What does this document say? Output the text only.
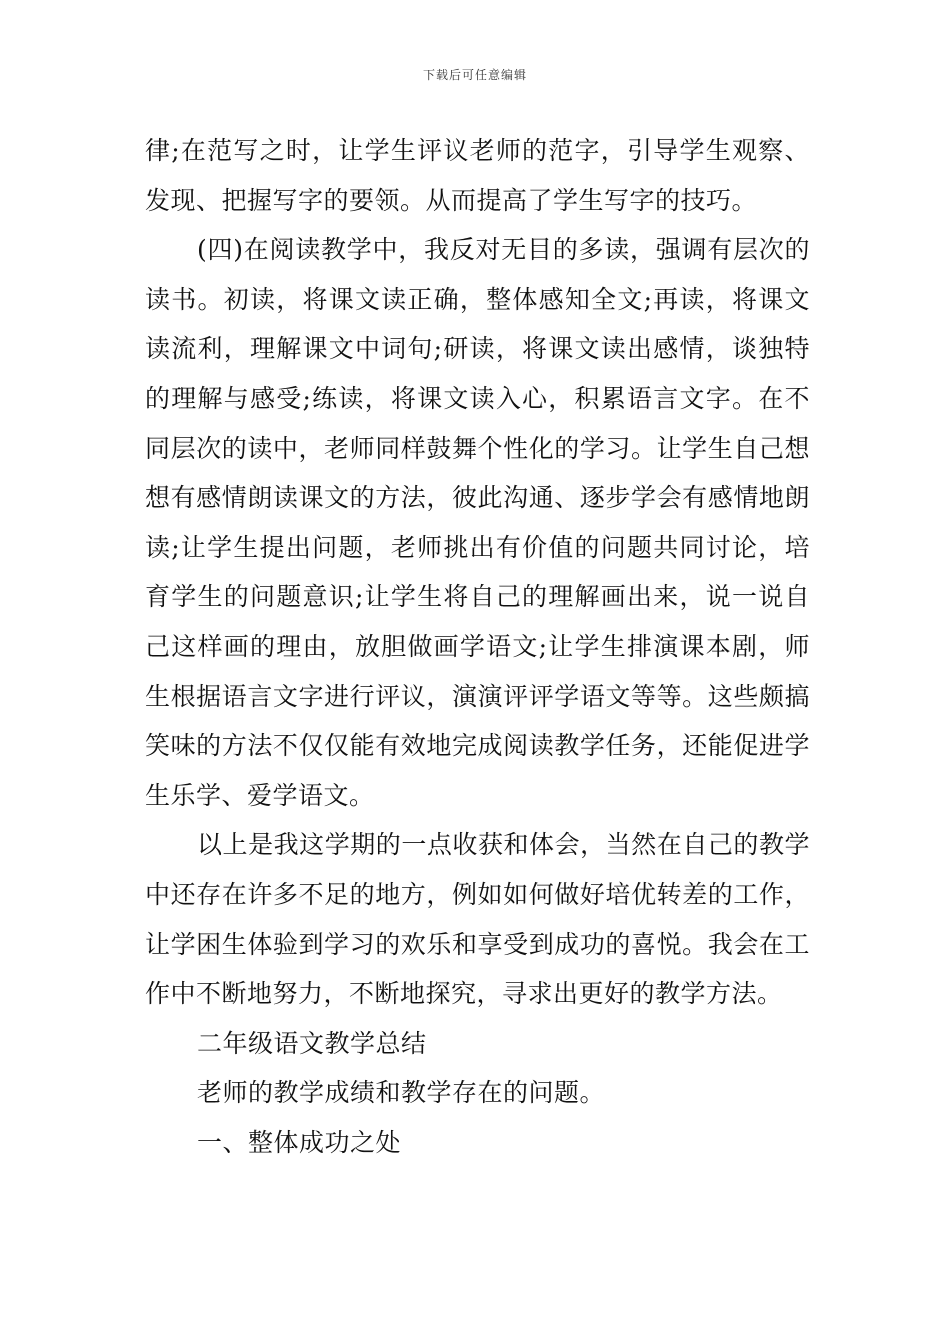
下载后可任意编辑

律;在范写之时，让学生评议老师的范字，引导学生观察、发现、把握写字的要领。从而提高了学生写字的技巧。

(四)在阅读教学中，我反对无目的多读，强调有层次的读书。初读，将课文读正确，整体感知全文;再读，将课文读流利，理解课文中词句;研读，将课文读出感情，谈独特的理解与感受;练读，将课文读入心，积累语言文字。在不同层次的读中，老师同样鼓舞个性化的学习。让学生自己想想有感情朗读课文的方法，彼此沟通、逐步学会有感情地朗读;让学生提出问题，老师挑出有价值的问题共同讨论，培育学生的问题意识;让学生将自己的理解画出来，说一说自己这样画的理由，放胆做画学语文;让学生排演课本剧，师生根据语言文字进行评议，演演评评学语文等等。这些颇搞笑味的方法不仅仅能有效地完成阅读教学任务，还能促进学生乐学、爱学语文。

以上是我这学期的一点收获和体会，当然在自己的教学中还存在许多不足的地方，例如如何做好培优转差的工作，让学困生体验到学习的欢乐和享受到成功的喜悦。我会在工作中不断地努力，不断地探究，寻求出更好的教学方法。

二年级语文教学总结

老师的教学成绩和教学存在的问题。

一、整体成功之处
